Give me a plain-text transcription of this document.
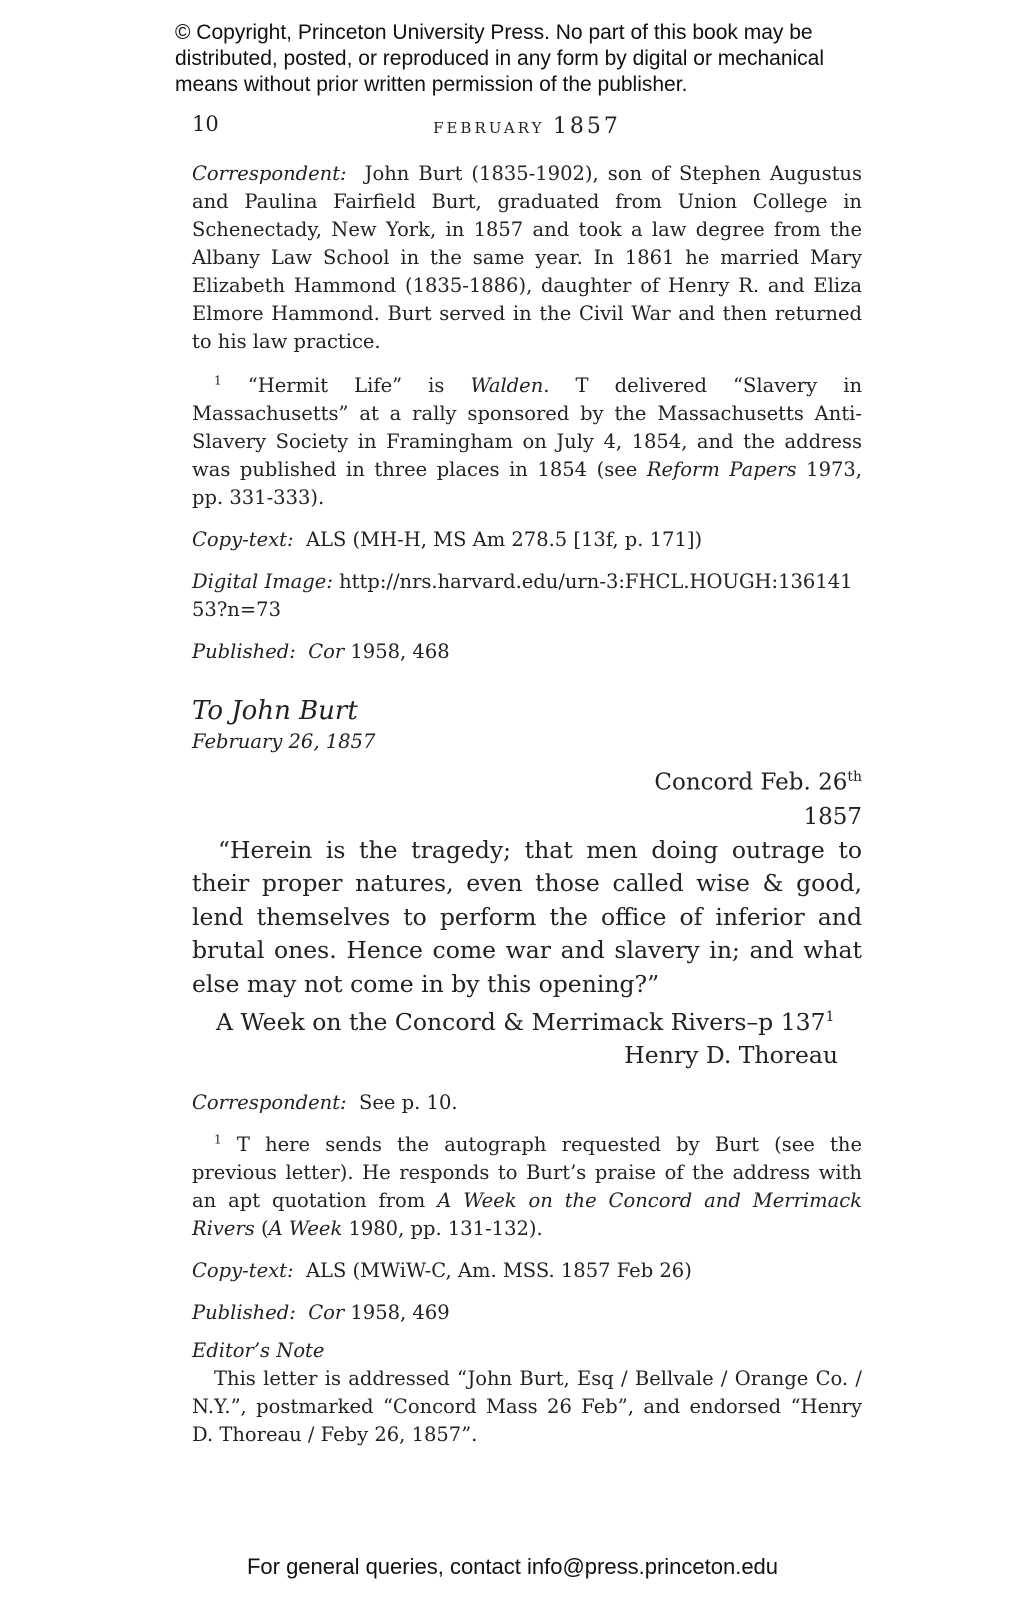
© Copyright, Princeton University Press. No part of this book may be
distributed, posted, or reproduced in any form by digital or mechanical
means without prior written permission of the publisher.
10	february 1857

Correspondent: John Burt (1835-1902), son of Stephen Augustus and Paulina Fairfield Burt, graduated from Union College in Schenectady, New York, in 1857 and took a law degree from the Albany Law School in the same year. In 1861 he married Mary Elizabeth Hammond (1835-1886), daughter of Henry R. and Eliza Elmore Hammond. Burt served in the Civil War and then returned to his law practice.

$^1$ “Hermit Life” is Walden. T delivered “Slavery in Massachusetts” at a rally sponsored by the Massachusetts Anti-Slavery Society in Framingham on July 4, 1854, and the address was published in three places in 1854 (see Reform Papers 1973, pp. 331-333).

Copy-text: ALS (MH-H, MS Am 278.5 [13f, p. 171])

Digital Image: http://nrs.harvard.edu/urn-3:FHCL.HOUGH:13614153?n=73

Published: Cor 1958, 468

To John Burt
February 26, 1857
Concord Feb. 26th
1857

“Herein is the tragedy; that men doing outrage to their proper natures, even those called wise & good, lend themselves to perform the office of inferior and brutal ones. Hence come war and slavery in; and what else may not come in by this opening?”

A Week on the Concord & Merrimack Rivers–p $137^1$
Henry D. Thoreau

Correspondent: See p. 10.

$^1$ T here sends the autograph requested by Burt (see the previous letter). He responds to Burt’s praise of the address with an apt quotation from A Week on the Concord and Merrimack Rivers (A Week 1980, pp. 131-132).

Copy-text: ALS (MWiW-C, Am. MSS. 1857 Feb 26)

Published: Cor 1958, 469

Editor’s Note

This letter is addressed “John Burt, Esq / Bellvale / Orange Co. / N.Y.”, postmarked “Concord Mass 26 Feb”, and endorsed “Henry D. Thoreau / Feby 26, 1857”.

For general queries, contact info@press.princeton.edu
